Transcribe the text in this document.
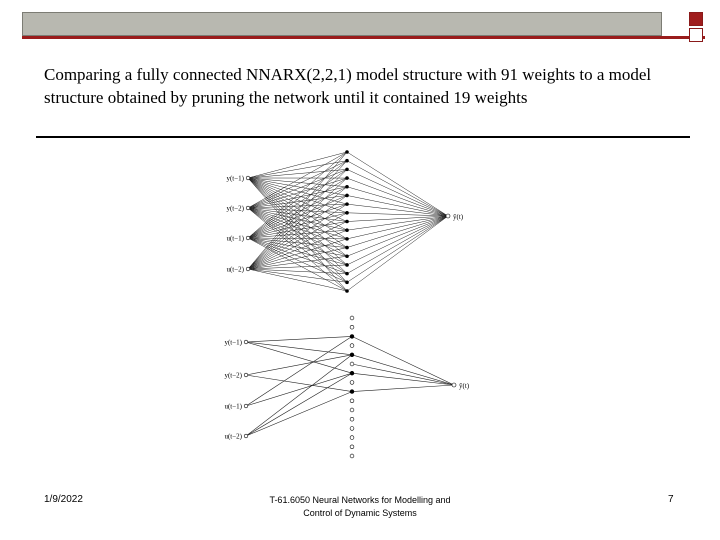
Comparing a fully connected NNARX(2,2,1) model structure with 91 weights to a model structure obtained by pruning the network until it contained 19 weights

y(t−1)
y(t−2)
u(t−1)
u(t−2)
ŷ(t)
y(t−1)
y(t−2)
u(t−1)
u(t−2)
ŷ(t)
1/9/2022	T-61.6050 Neural Networks for Modelling and
Control of Dynamic Systems
7
